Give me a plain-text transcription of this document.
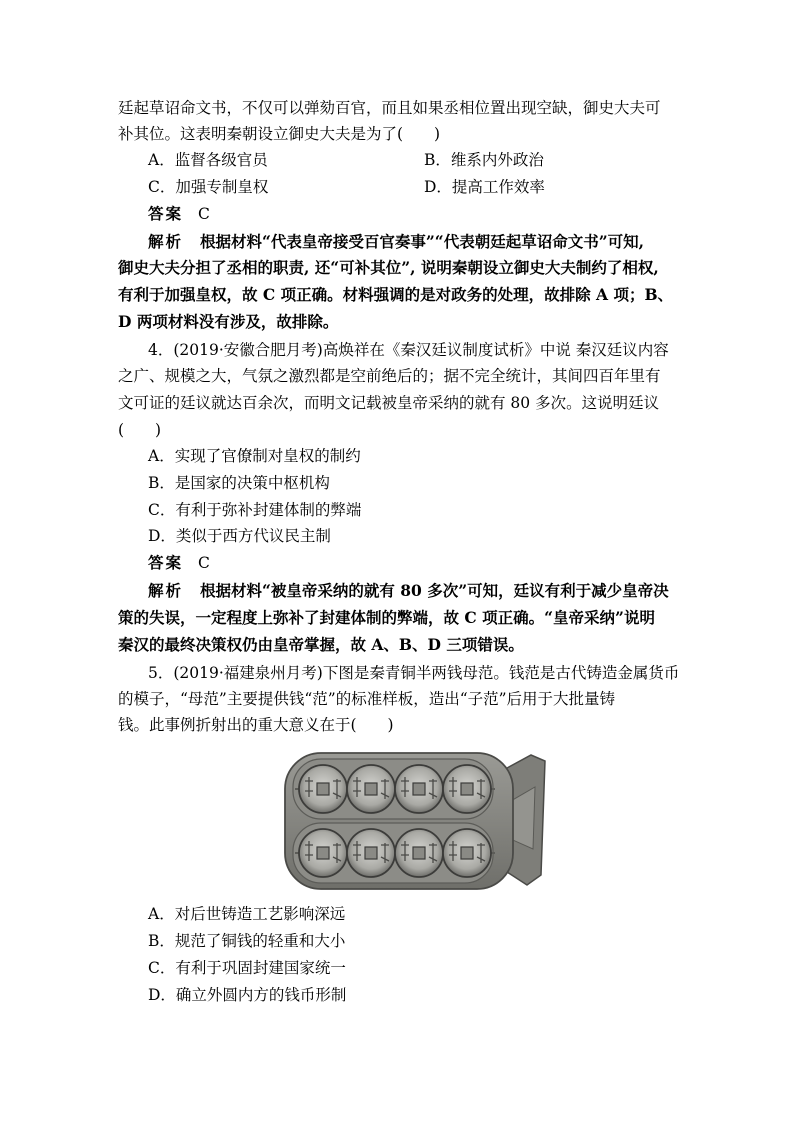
廷起草诏命文书，不仅可以弹劾百官，而且如果丞相位置出现空缺，御史大夫可
补其位。这表明秦朝设立御史大夫是为了(　　)
A．监督各级官员	B．维系内外政治
C．加强专制皇权	D．提高工作效率
答案 C
解析 根据材料“代表皇帝接受百官奏事”“代表朝廷起草诏命文书”可知,
御史大夫分担了丞相的职责, 还“可补其位”, 说明秦朝设立御史大夫制约了相权,
有利于加强皇权，故 C 项正确。材料强调的是对政务的处理，故排除 A 项；B、
D 两项材料没有涉及，故排除。
4．(2019·安徽合肥月考)高焕祥在《秦汉廷议制度试析》中说 秦汉廷议内容
之广、规模之大，气氛之激烈都是空前绝后的；据不完全统计，其间四百年里有
文可证的廷议就达百余次，而明文记载被皇帝采纳的就有 80 多次。这说明廷议
(　　)
A．实现了官僚制对皇权的制约
B．是国家的决策中枢机构
C．有利于弥补封建体制的弊端
D．类似于西方代议民主制
答案 C
解析 根据材料“被皇帝采纳的就有 80 多次”可知，廷议有利于减少皇帝决
策的失误，一定程度上弥补了封建体制的弊端，故 C 项正确。“皇帝采纳”说明
秦汉的最终决策权仍由皇帝掌握，故 A、B、D 三项错误。
5．(2019·福建泉州月考)下图是秦青铜半两钱母范。钱范是古代铸造金属货币
的模子，“母范”主要提供钱“范”的标准样板，造出“子范”后用于大批量铸
钱。此事例折射出的重大意义在于(　　)
A．对后世铸造工艺影响深远
B．规范了铜钱的轻重和大小
C．有利于巩固封建国家统一
D．确立外圆内方的钱币形制
